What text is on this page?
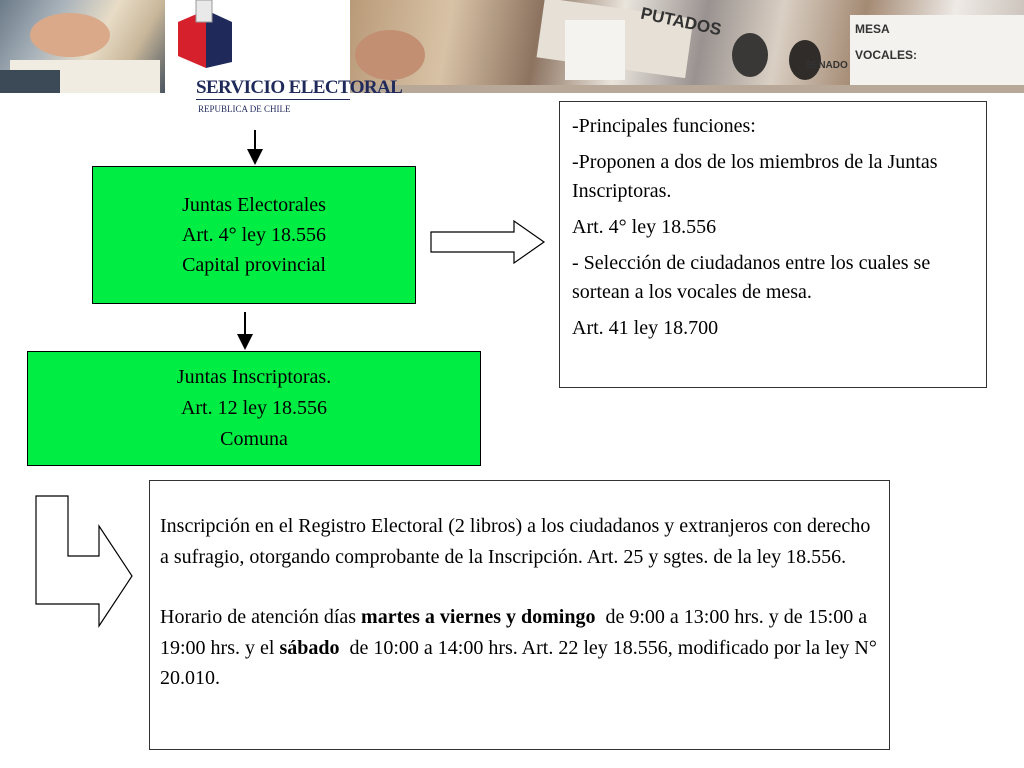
PUTADOS	MESA
VOCALES:
SENADO
SERVICIO ELECTORAL
REPUBLICA DE CHILE
Juntas Electorales
Art. 4° ley 18.556
Capital provincial
Juntas Inscriptoras.
Art. 12 ley 18.556
Comuna

-Principales funciones:

-Proponen a dos de los miembros de la Juntas Inscriptoras.

Art. 4° ley 18.556

- Selección de ciudadanos entre los cuales se sortean a los vocales de mesa.

Art. 41 ley 18.700

Inscripción en el Registro Electoral (2 libros) a los ciudadanos y extranjeros con derecho a sufragio, otorgando comprobante de la Inscripción. Art. 25 y sgtes. de la ley 18.556.

Horario de atención días martes a viernes y domingo  de 9:00 a 13:00 hrs. y de 15:00 a 19:00 hrs. y el sábado  de 10:00 a 14:00 hrs. Art. 22 ley 18.556, modificado por la ley N° 20.010.
